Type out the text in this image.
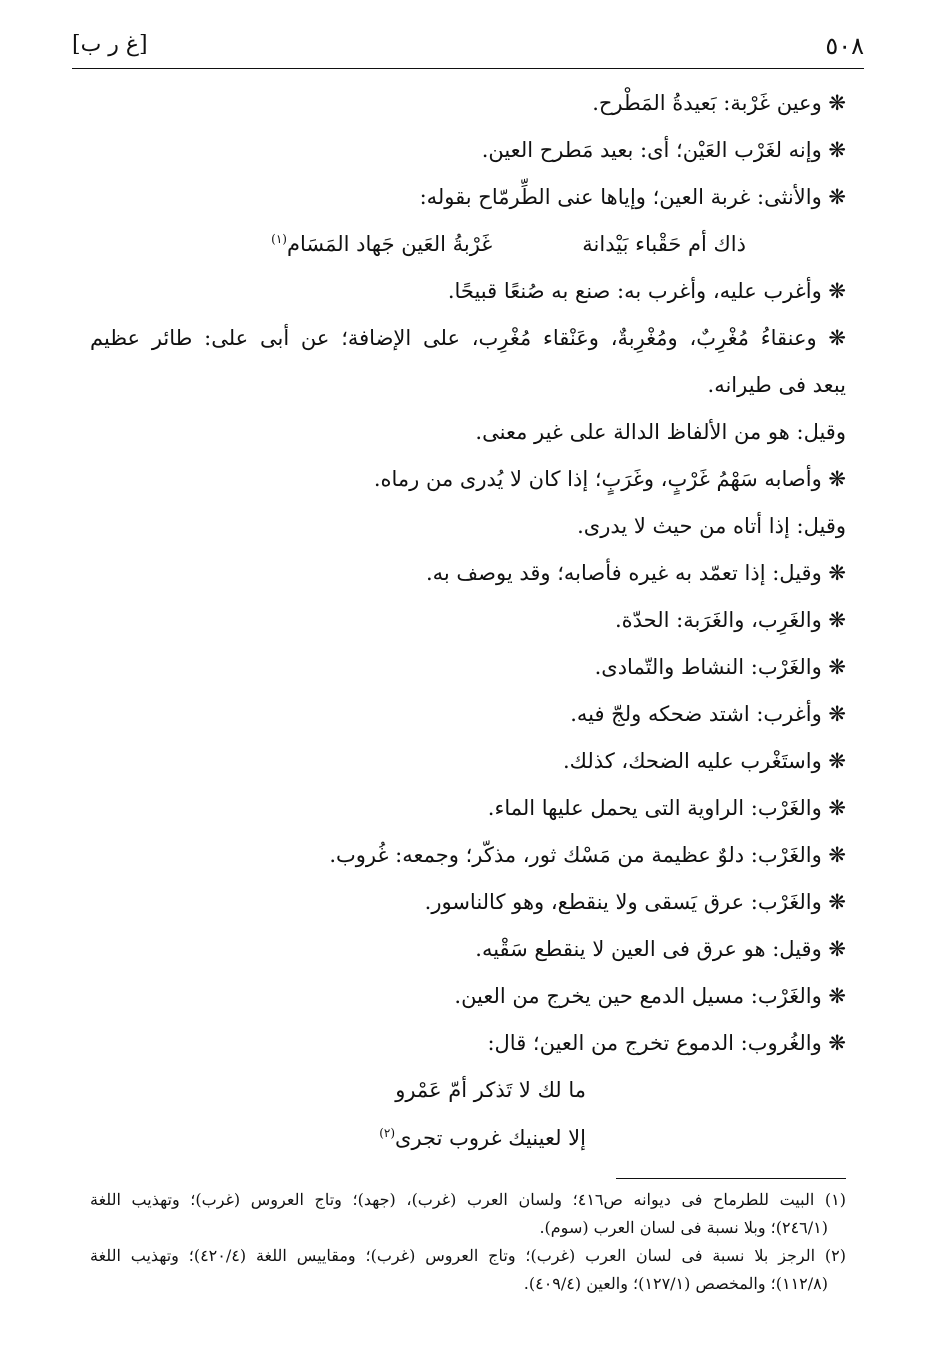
٥٠٨
[غ ر ب]
❋ وعين غَرْبة: بَعيدةُ المَطْرح.
❋ وإنه لغَرْب العَيْن؛ أى: بعيد مَطرح العين.
❋ والأنثى: غربة العين؛ وإياها عنى الطِّرمّاح بقوله:
ذاك أم حَقْباء بَيْدانة
غَرْبةُ العَين جَهاد المَسَام$^{(١)}$
❋ وأغرب عليه، وأغرب به: صنع به صُنعًا قبيحًا.
❋ وعنقاءُ مُغْرِبٌ، ومُغْرِبةٌ، وعَنْقاء مُغْرِب، على الإضافة؛ عن أبى على: طائر عظيم
يبعد فى طيرانه.
وقيل: هو من الألفاظ الدالة على غير معنى.
❋ وأصابه سَهْمُ غَرْبٍ، وغَرَبٍ؛ إذا كان لا يُدرى من رماه.
وقيل: إذا أتاه من حيث لا يدرى.
❋ وقيل: إذا تعمّد به غيره فأصابه؛ وقد يوصف به.
❋ والغَرِب، والغَرَبة: الحدّة.
❋ والغَرْب: النشاط والتّمادى.
❋ وأغرب: اشتد ضحكه ولجّ فيه.
❋ واستَغْرب عليه الضحك، كذلك.
❋ والغَرْب: الراوية التى يحمل عليها الماء.
❋ والغَرْب: دلوٌ عظيمة من مَسْك ثور، مذكّر؛ وجمعه: غُروب.
❋ والغَرْب: عرق يَسقى ولا ينقطع، وهو كالناسور.
❋ وقيل: هو عرق فى العين لا ينقطع سَقْيه.
❋ والغَرْب: مسيل الدمع حين يخرج من العين.
❋ والغُروب: الدموع تخرج من العين؛ قال:
ما لك لا تَذكر أمّ عَمْرو
إلا لعينيك غروب تجرى$^{(٢)}$
(١) البيت للطرماح فى ديوانه ص٤١٦؛ ولسان العرب (غرب)، (جهد)؛ وتاج العروس (غرب)؛ وتهذيب اللغة
(٢٤٦/١)؛ وبلا نسبة فى لسان العرب (سوم).
(٢) الرجز بلا نسبة فى لسان العرب (غرب)؛ وتاج العروس (غرب)؛ ومقاييس اللغة (٤٢٠/٤)؛ وتهذيب اللغة
(١١٢/٨)؛ والمخصص (١٢٧/١)؛ والعين (٤٠٩/٤).
